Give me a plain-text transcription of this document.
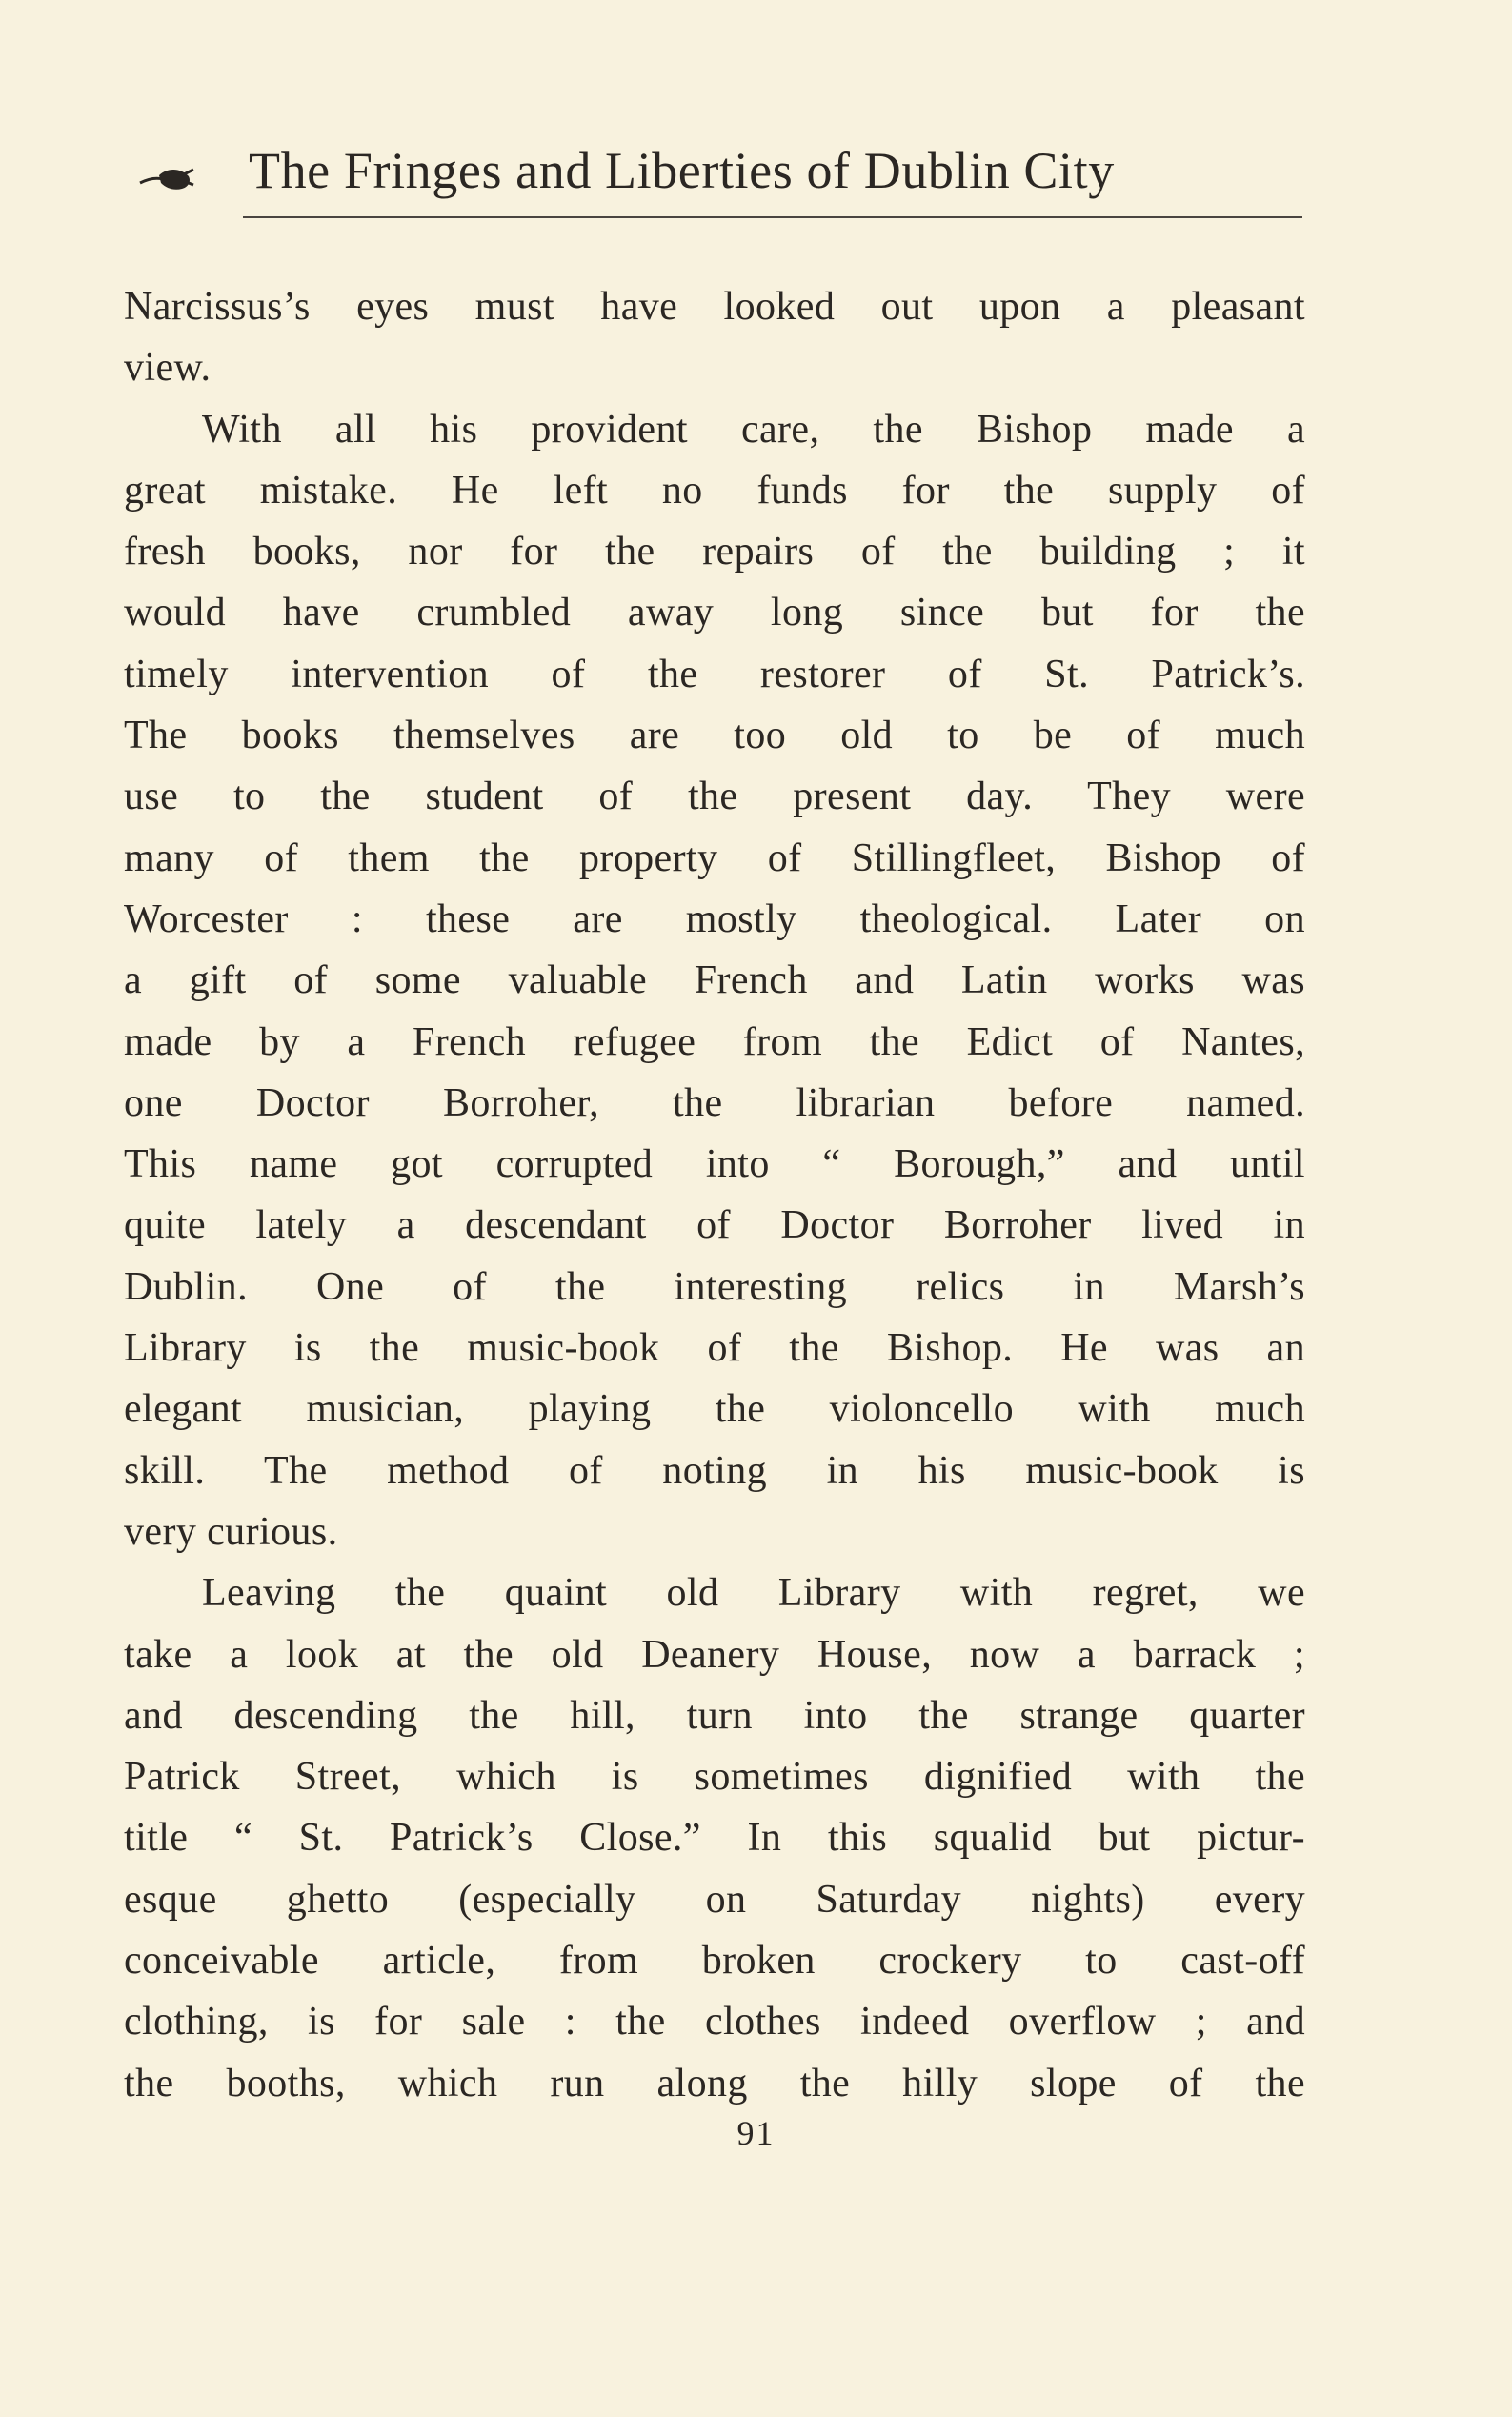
The Fringes and Liberties of Dublin City
Narcissus’s eyes must have looked out upon a pleasant
view.
With all his provident care, the Bishop made a
great mistake. He left no funds for the supply of
fresh books, nor for the repairs of the building ; it
would have crumbled away long since but for the
timely intervention of the restorer of St. Patrick’s.
The books themselves are too old to be of much
use to the student of the present day. They were
many of them the property of Stillingfleet, Bishop of
Worcester : these are mostly theological. Later on
a gift of some valuable French and Latin works was
made by a French refugee from the Edict of Nantes,
one Doctor Borroher, the librarian before named.
This name got corrupted into “ Borough,” and until
quite lately a descendant of Doctor Borroher lived in
Dublin. One of the interesting relics in Marsh’s
Library is the music-book of the Bishop. He was an
elegant musician, playing the violoncello with much
skill. The method of noting in his music-book is
very curious.
Leaving the quaint old Library with regret, we
take a look at the old Deanery House, now a barrack ;
and descending the hill, turn into the strange quarter
Patrick Street, which is sometimes dignified with the
title “ St. Patrick’s Close.” In this squalid but pictur-
esque ghetto (especially on Saturday nights) every
conceivable article, from broken crockery to cast-off
clothing, is for sale : the clothes indeed overflow ; and
the booths, which run along the hilly slope of the
91
